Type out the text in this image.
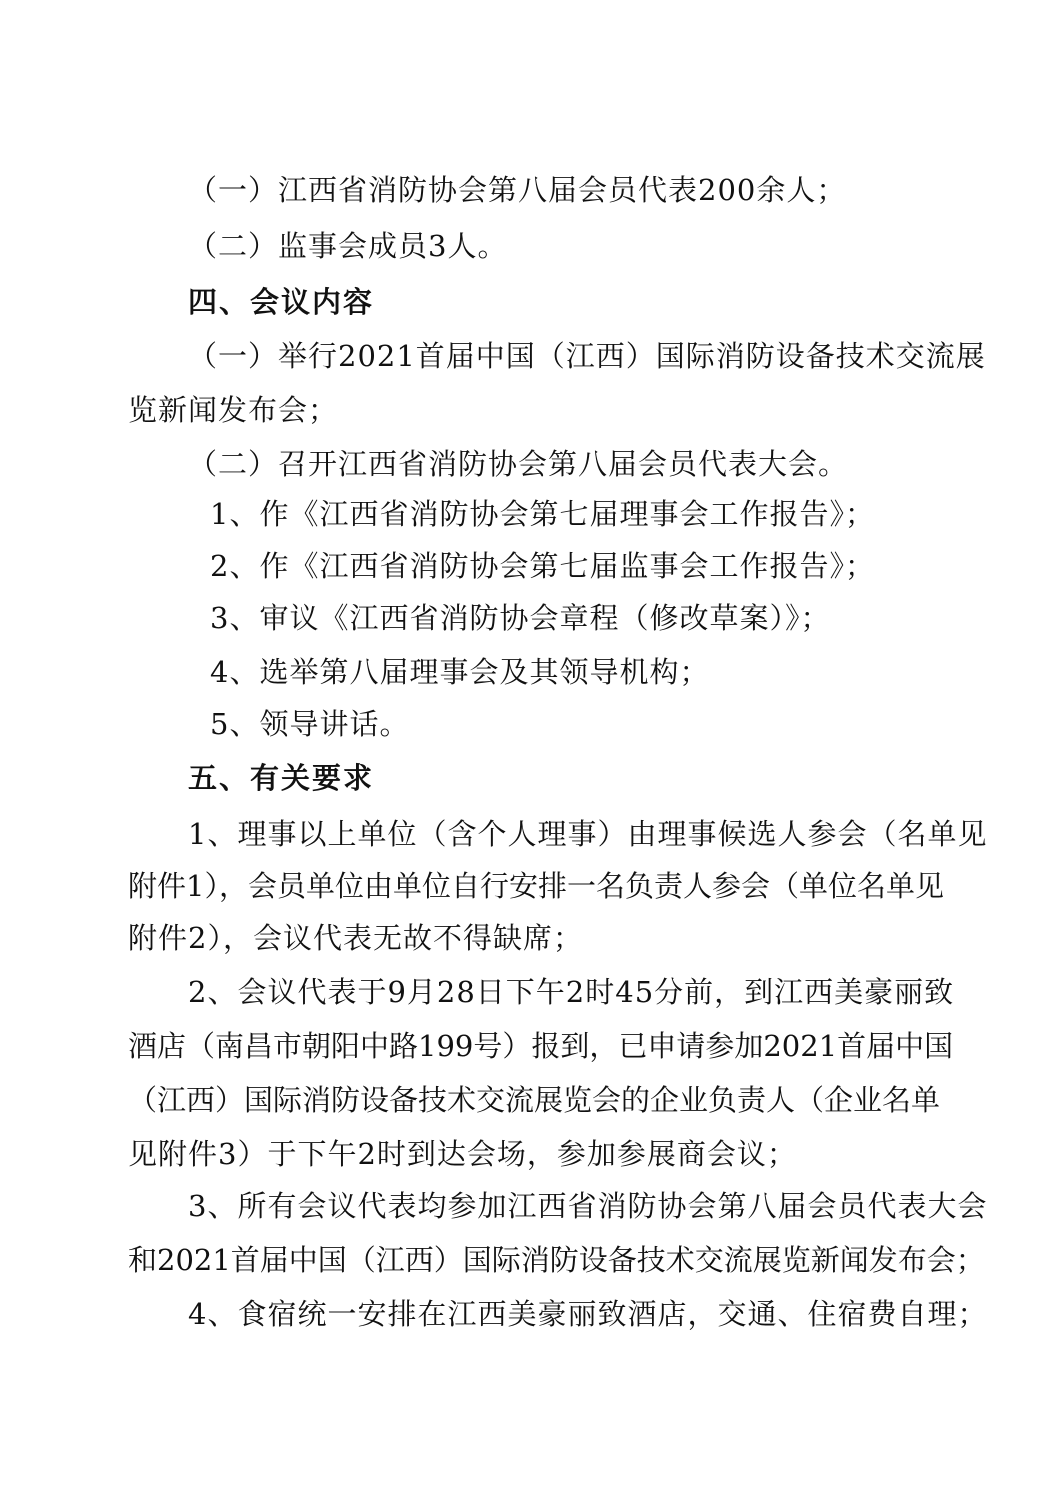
（一）江西省消防协会第八届会员代表200余人；
（二）监事会成员3人。
四、会议内容
（一）举行2021首届中国（江西）国际消防设备技术交流展
览新闻发布会；
（二）召开江西省消防协会第八届会员代表大会。
1、作《江西省消防协会第七届理事会工作报告》；
2、作《江西省消防协会第七届监事会工作报告》；
3、审议《江西省消防协会章程（修改草案）》；
4、选举第八届理事会及其领导机构；
5、领导讲话。
五、有关要求
1、理事以上单位（含个人理事）由理事候选人参会（名单见
附件1），会员单位由单位自行安排一名负责人参会（单位名单见
附件2），会议代表无故不得缺席；
2、会议代表于9月28日下午2时45分前，到江西美豪丽致
酒店（南昌市朝阳中路199号）报到，已申请参加2021首届中国
（江西）国际消防设备技术交流展览会的企业负责人（企业名单
见附件3）于下午2时到达会场，参加参展商会议；
3、所有会议代表均参加江西省消防协会第八届会员代表大会
和2021首届中国（江西）国际消防设备技术交流展览新闻发布会；
4、食宿统一安排在江西美豪丽致酒店，交通、住宿费自理；
